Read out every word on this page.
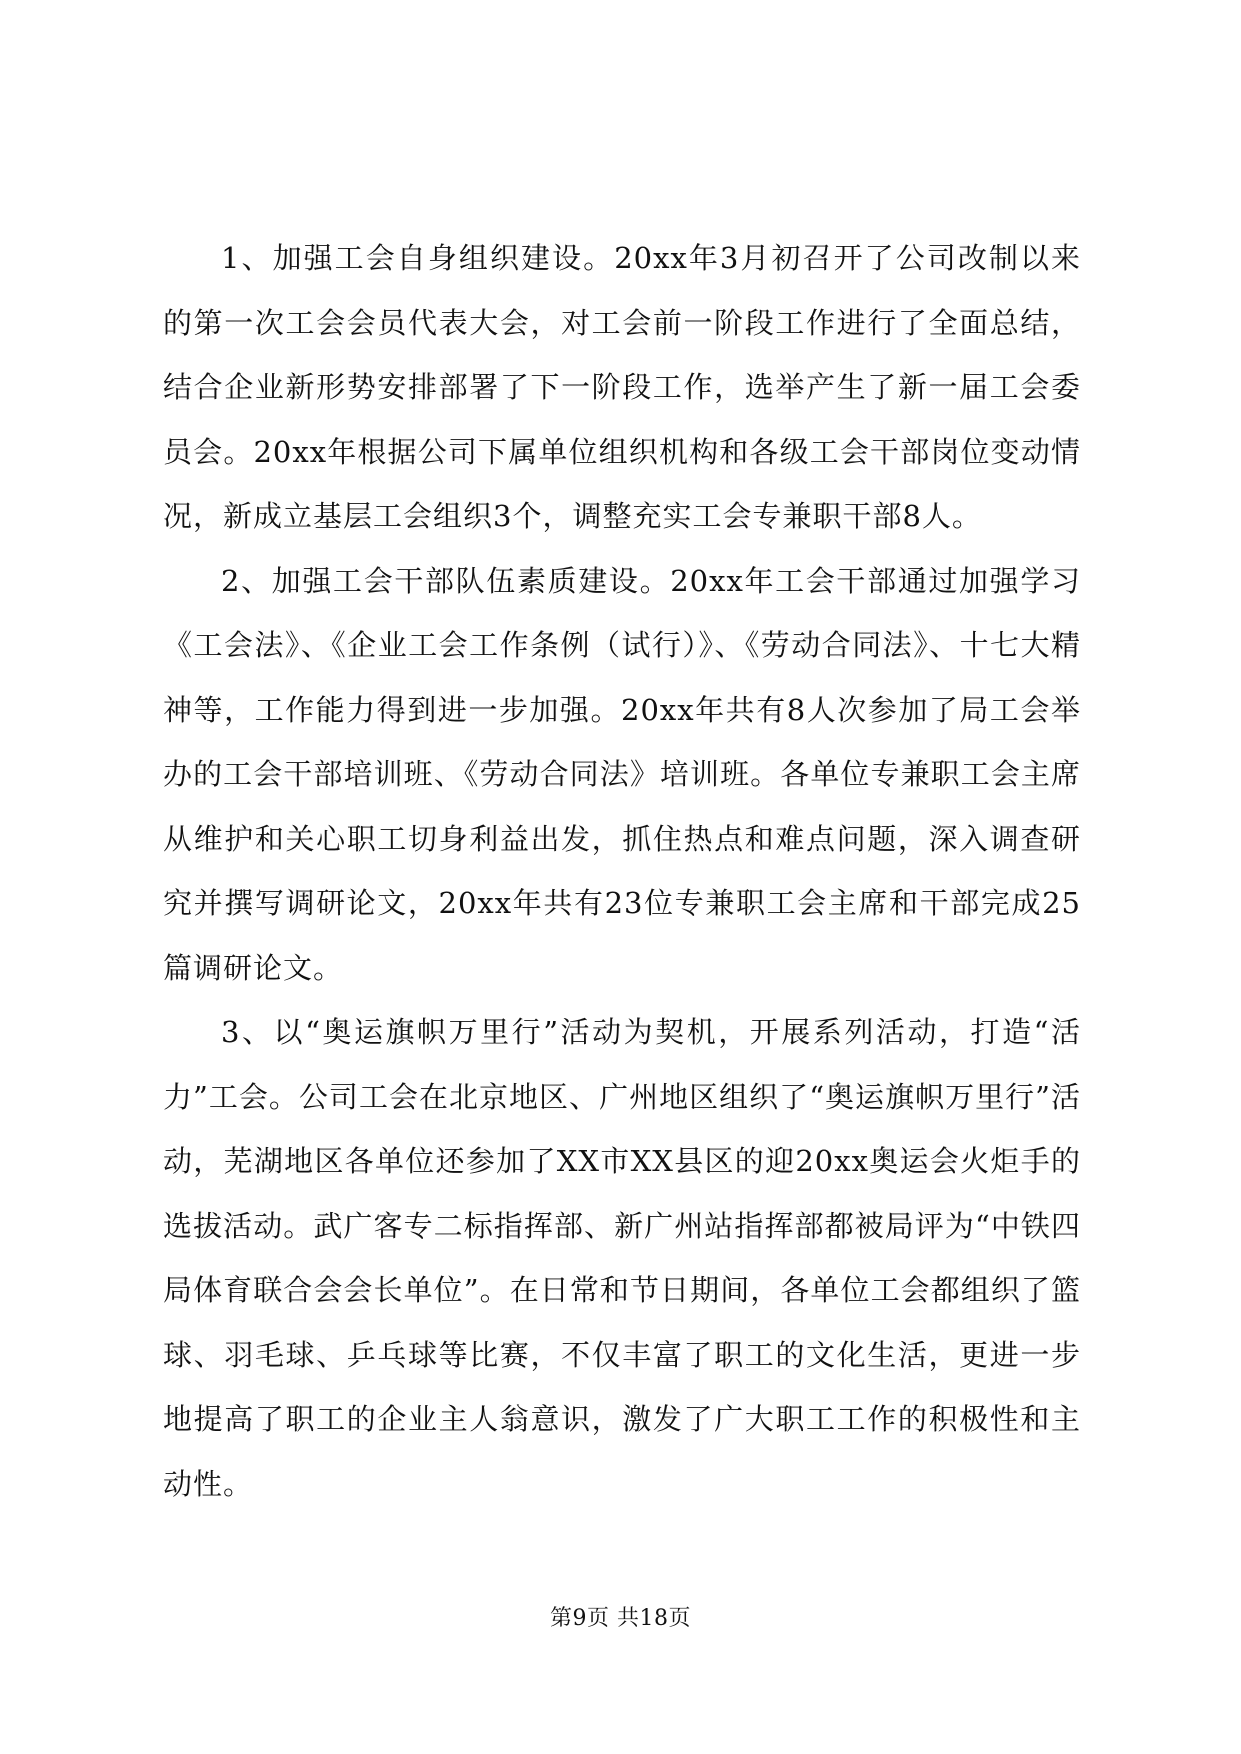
1、加强工会自身组织建设。20xx年3月初召开了公司改制以来的第一次工会会员代表大会，对工会前一阶段工作进行了全面总结，结合企业新形势安排部署了下一阶段工作，选举产生了新一届工会委员会。20xx年根据公司下属单位组织机构和各级工会干部岗位变动情况，新成立基层工会组织3个，调整充实工会专兼职干部8人。

2、加强工会干部队伍素质建设。20xx年工会干部通过加强学习《工会法》、《企业工会工作条例（试行）》、《劳动合同法》、十七大精神等，工作能力得到进一步加强。20xx年共有8人次参加了局工会举办的工会干部培训班、《劳动合同法》培训班。各单位专兼职工会主席从维护和关心职工切身利益出发，抓住热点和难点问题，深入调查研究并撰写调研论文，20xx年共有23位专兼职工会主席和干部完成25篇调研论文。

3、以“奥运旗帜万里行”活动为契机，开展系列活动，打造“活力”工会。公司工会在北京地区、广州地区组织了“奥运旗帜万里行”活动，芜湖地区各单位还参加了XX市XX县区的迎20xx奥运会火炬手的选拔活动。武广客专二标指挥部、新广州站指挥部都被局评为“中铁四局体育联合会会长单位”。在日常和节日期间，各单位工会都组织了篮球、羽毛球、乒乓球等比赛，不仅丰富了职工的文化生活，更进一步地提高了职工的企业主人翁意识，激发了广大职工工作的积极性和主动性。

第9页 共18页
